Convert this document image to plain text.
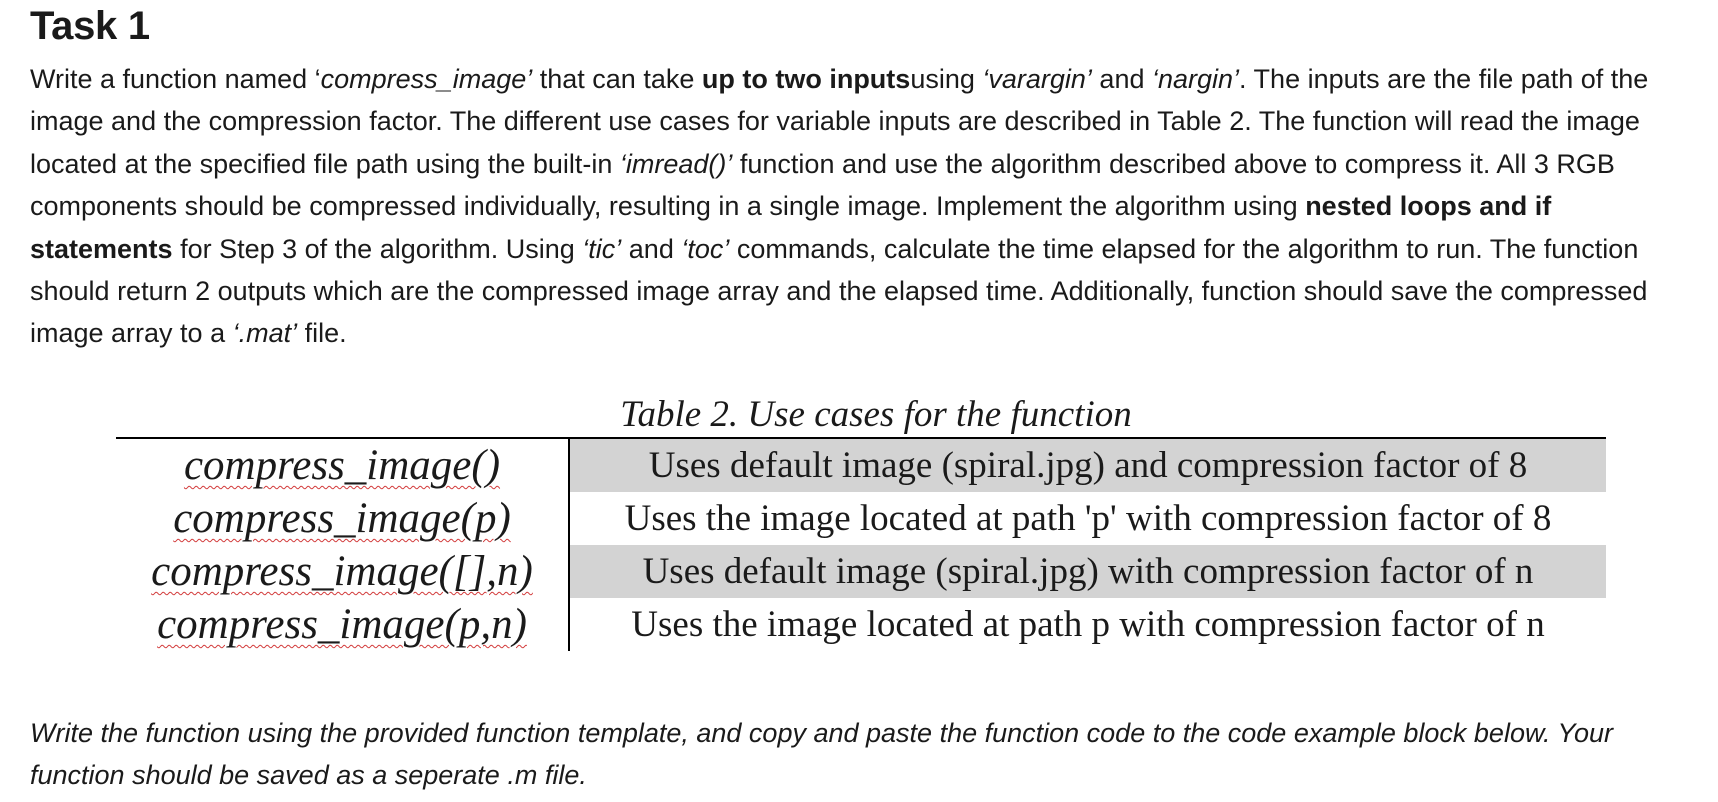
Task 1

Write a function named ‘compress_image’ that can take up to two inputsusing ‘varargin’ and ‘nargin’. The inputs are the file path of the image and the compression factor. The different use cases for variable inputs are described in Table 2. The function will read the image located at the specified file path using the built-in ‘imread()’ function and use the algorithm described above to compress it. All 3 RGB components should be compressed individually, resulting in a single image. Implement the algorithm using nested loops and if statements for Step 3 of the algorithm. Using ‘tic’ and ‘toc’ commands, calculate the time elapsed for the algorithm to run. The function should return 2 outputs which are the compressed image array and the elapsed time. Additionally, function should save the compressed image array to a ‘.mat’ file.

Table 2. Use cases for the function
compress_image()	Uses default image (spiral.jpg) and compression factor of 8
compress_image(p)	Uses the image located at path 'p' with compression factor of 8
compress_image([],n)	Uses default image (spiral.jpg) with compression factor of n
compress_image(p,n)	Uses the image located at path p with compression factor of n

Write the function using the provided function template, and copy and paste the function code to the code example block below. Your function should be saved as a seperate .m file.
